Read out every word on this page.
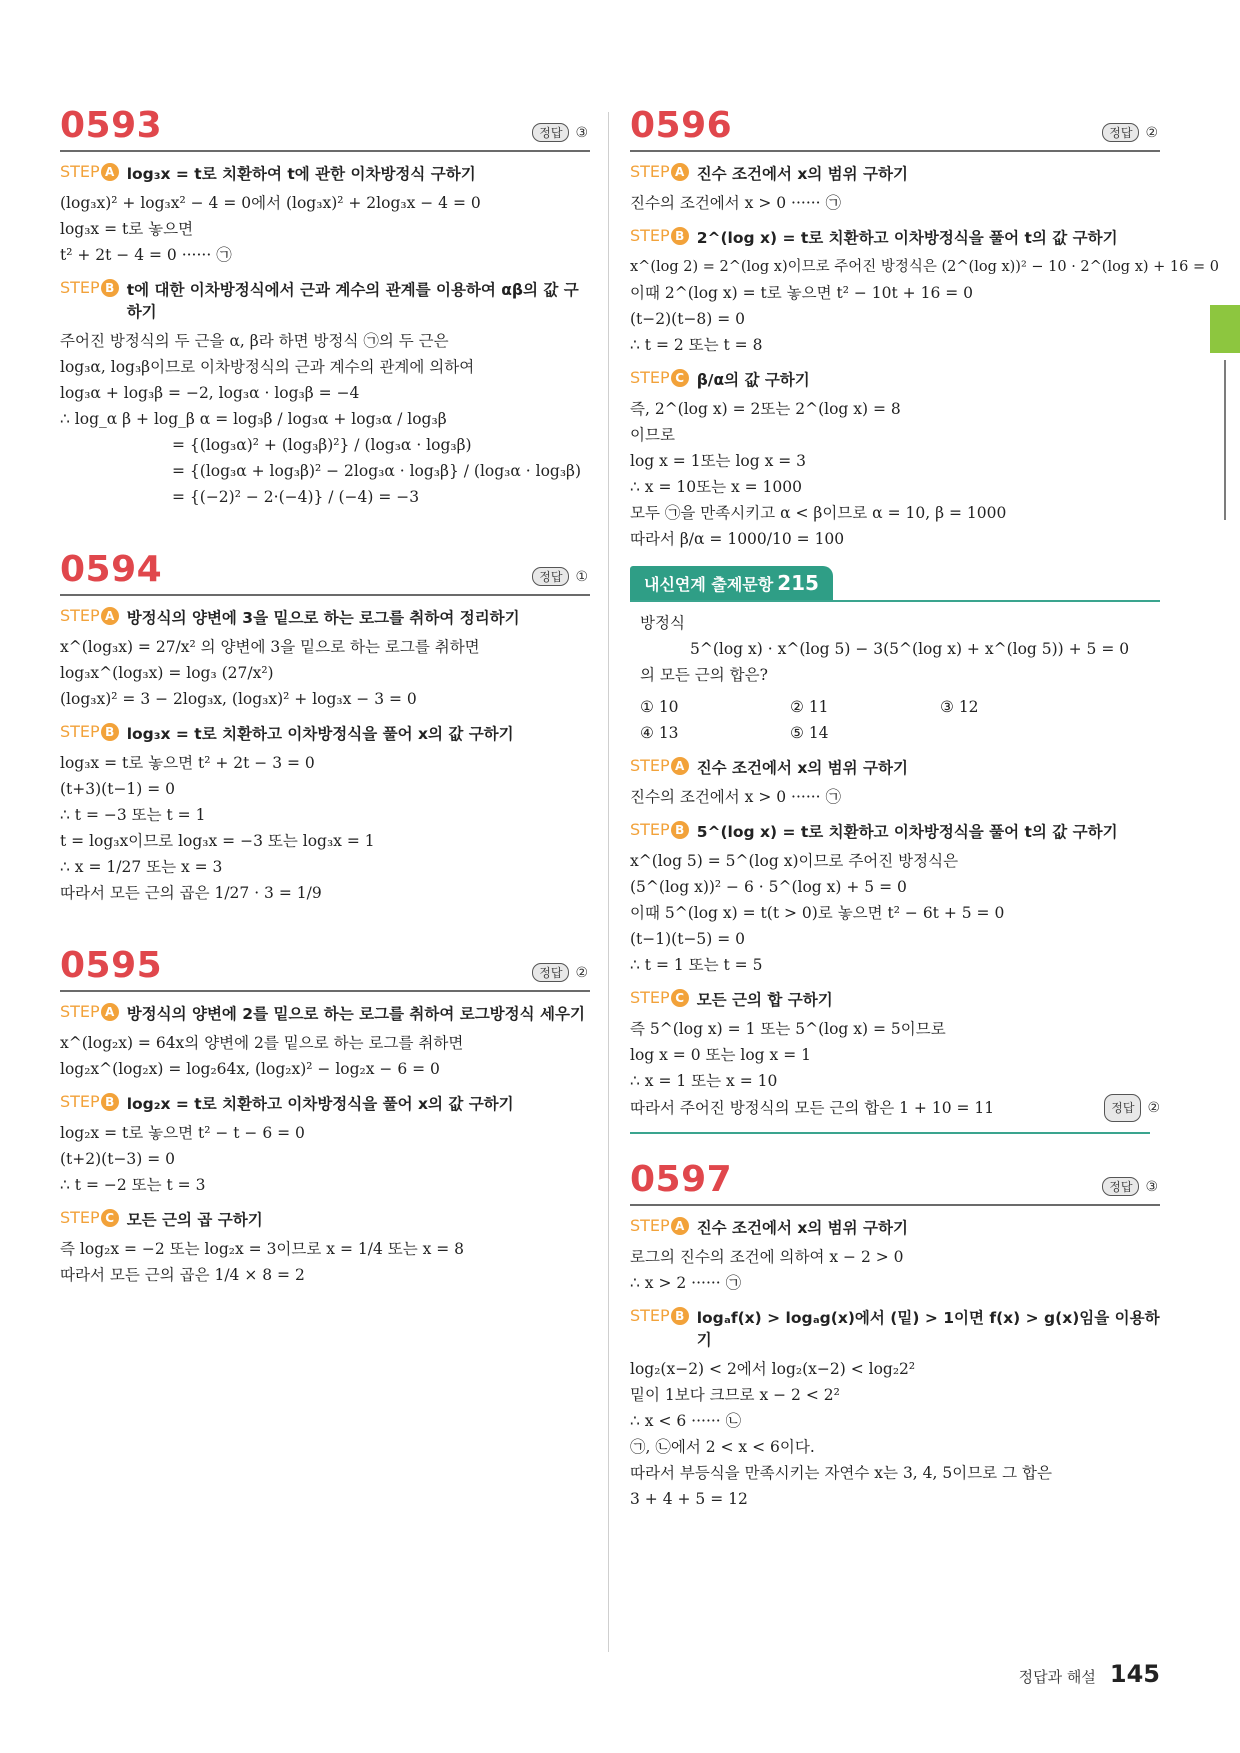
0593	정답 ③
STEP A log₃x = t로 치환하여 t에 관한 이차방정식 구하기
(log₃x)² + log₃x² − 4 = 0에서 (log₃x)² + 2log₃x − 4 = 0
log₃x = t로 놓으면
t² + 2t − 4 = 0 ······ ㉠
STEP B t에 대한 이차방정식에서 근과 계수의 관계를 이용하여 αβ의 값 구하기
주어진 방정식의 두 근을 α, β라 하면 방정식 ㉠의 두 근은
log₃α, log₃β이므로 이차방정식의 근과 계수의 관계에 의하여
log₃α + log₃β = −2, log₃α · log₃β = −4
∴ log_α β + log_β α = log₃β / log₃α + log₃α / log₃β
= {(log₃α)² + (log₃β)²} / (log₃α · log₃β)
= {(log₃α + log₃β)² − 2log₃α · log₃β} / (log₃α · log₃β)
= {(−2)² − 2·(−4)} / (−4) = −3
0594	정답 ①
STEP A 방정식의 양변에 3을 밑으로 하는 로그를 취하여 정리하기
x^(log₃x) = 27/x² 의 양변에 3을 밑으로 하는 로그를 취하면
log₃x^(log₃x) = log₃ (27/x²)
(log₃x)² = 3 − 2log₃x, (log₃x)² + log₃x − 3 = 0
STEP B log₃x = t로 치환하고 이차방정식을 풀어 x의 값 구하기
log₃x = t로 놓으면 t² + 2t − 3 = 0
(t+3)(t−1) = 0
∴ t = −3 또는 t = 1
t = log₃x이므로 log₃x = −3 또는 log₃x = 1
∴ x = 1/27 또는 x = 3
따라서 모든 근의 곱은 1/27 · 3 = 1/9
0595	정답 ②
STEP A 방정식의 양변에 2를 밑으로 하는 로그를 취하여 로그방정식 세우기
x^(log₂x) = 64x의 양변에 2를 밑으로 하는 로그를 취하면
log₂x^(log₂x) = log₂64x, (log₂x)² − log₂x − 6 = 0
STEP B log₂x = t로 치환하고 이차방정식을 풀어 x의 값 구하기
log₂x = t로 놓으면 t² − t − 6 = 0
(t+2)(t−3) = 0
∴ t = −2 또는 t = 3
STEP C 모든 근의 곱 구하기
즉 log₂x = −2 또는 log₂x = 3이므로 x = 1/4 또는 x = 8
따라서 모든 근의 곱은 1/4 × 8 = 2
0596	정답 ②
STEP A 진수 조건에서 x의 범위 구하기
진수의 조건에서 x > 0 ······ ㉠
STEP B 2^(log x) = t로 치환하고 이차방정식을 풀어 t의 값 구하기
x^(log 2) = 2^(log x)이므로 주어진 방정식은 (2^(log x))² − 10 · 2^(log x) + 16 = 0
이때 2^(log x) = t로 놓으면 t² − 10t + 16 = 0
(t−2)(t−8) = 0
∴ t = 2 또는 t = 8
STEP C β/α의 값 구하기
즉, 2^(log x) = 2또는 2^(log x) = 8
이므로
log x = 1또는 log x = 3
∴ x = 10또는 x = 1000
모두 ㉠을 만족시키고 α < β이므로 α = 10, β = 1000
따라서 β/α = 1000/10 = 100
내신연계 출제문항 215
방정식
5^(log x) · x^(log 5) − 3(5^(log x) + x^(log 5)) + 5 = 0
의 모든 근의 합은?
① 10	② 11	③ 12
④ 13	⑤ 14
STEP A 진수 조건에서 x의 범위 구하기
진수의 조건에서 x > 0 ······ ㉠
STEP B 5^(log x) = t로 치환하고 이차방정식을 풀어 t의 값 구하기
x^(log 5) = 5^(log x)이므로 주어진 방정식은
(5^(log x))² − 6 · 5^(log x) + 5 = 0
이때 5^(log x) = t(t > 0)로 놓으면 t² − 6t + 5 = 0
(t−1)(t−5) = 0
∴ t = 1 또는 t = 5
STEP C 모든 근의 합 구하기
즉 5^(log x) = 1 또는 5^(log x) = 5이므로
log x = 0 또는 log x = 1
∴ x = 1 또는 x = 10
따라서 주어진 방정식의 모든 근의 합은 1 + 10 = 11	정답 ②
0597	정답 ③
STEP A 진수 조건에서 x의 범위 구하기
로그의 진수의 조건에 의하여 x − 2 > 0
∴ x > 2 ······ ㉠
STEP B logₐf(x) > logₐg(x)에서 (밑) > 1이면 f(x) > g(x)임을 이용하기
log₂(x−2) < 2에서 log₂(x−2) < log₂2²
밑이 1보다 크므로 x − 2 < 2²
∴ x < 6 ······ ㉡
㉠, ㉡에서 2 < x < 6이다.
따라서 부등식을 만족시키는 자연수 x는 3, 4, 5이므로 그 합은
3 + 4 + 5 = 12
정답과 해설 145
